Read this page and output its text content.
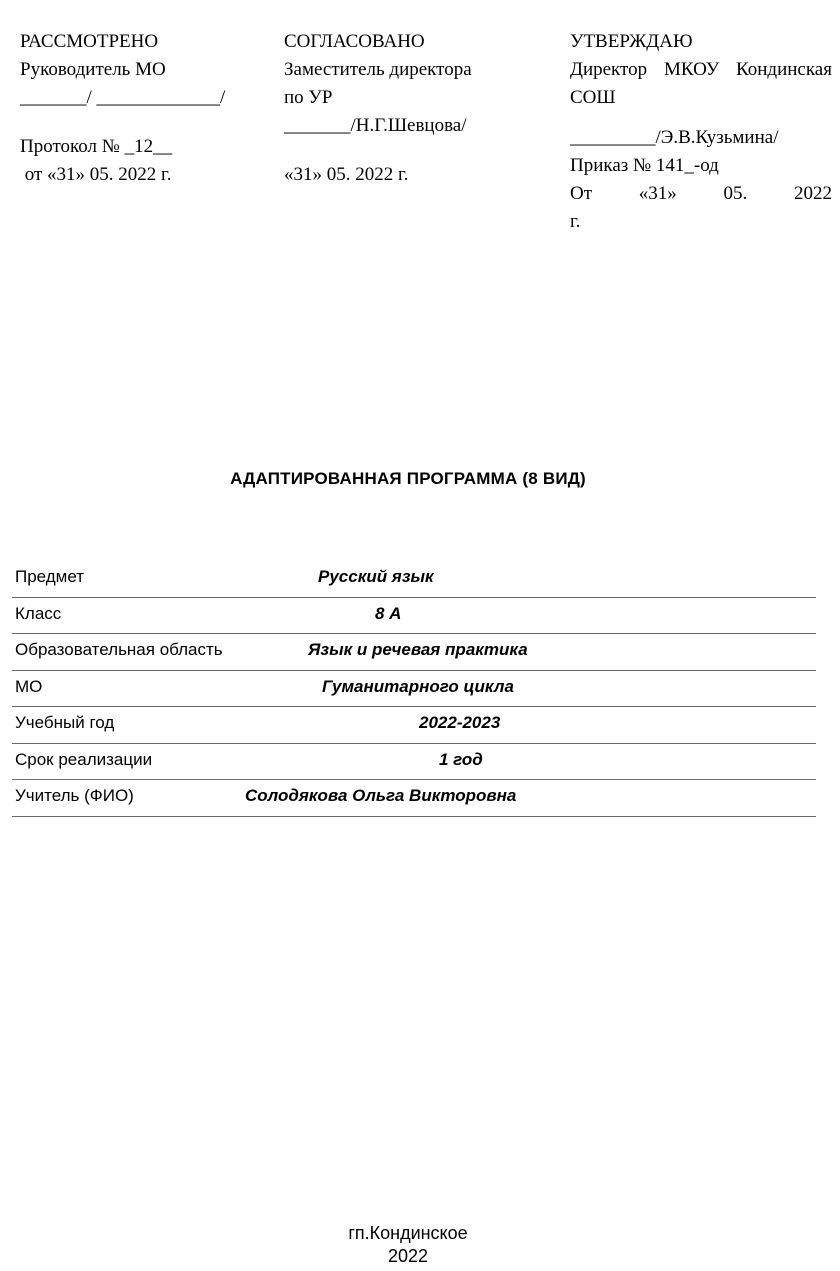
РАССМОТРЕНО
Руководитель МО
_______/ _____________/
Протокол № _12__
от «31» 05. 2022 г.
СОГЛАСОВАНО
Заместитель директора
по УР
_______/Н.Г.Шевцова/
«31» 05. 2022 г.
УТВЕРЖДАЮ
Директор МКОУ Кондинская
СОШ
_________/Э.В.Кузьмина/
Приказ № 141_-од
От «31» 05. 2022
г.
АДАПТИРОВАННАЯ ПРОГРАММА (8 ВИД)
Предмет	Русский язык
Класс	8 А
Образовательная область	Язык и речевая практика
МО	Гуманитарного цикла
Учебный год	2022-2023
Срок реализации	1 год
Учитель (ФИО)	Солодякова Ольга Викторовна
гп.Кондинское
2022
